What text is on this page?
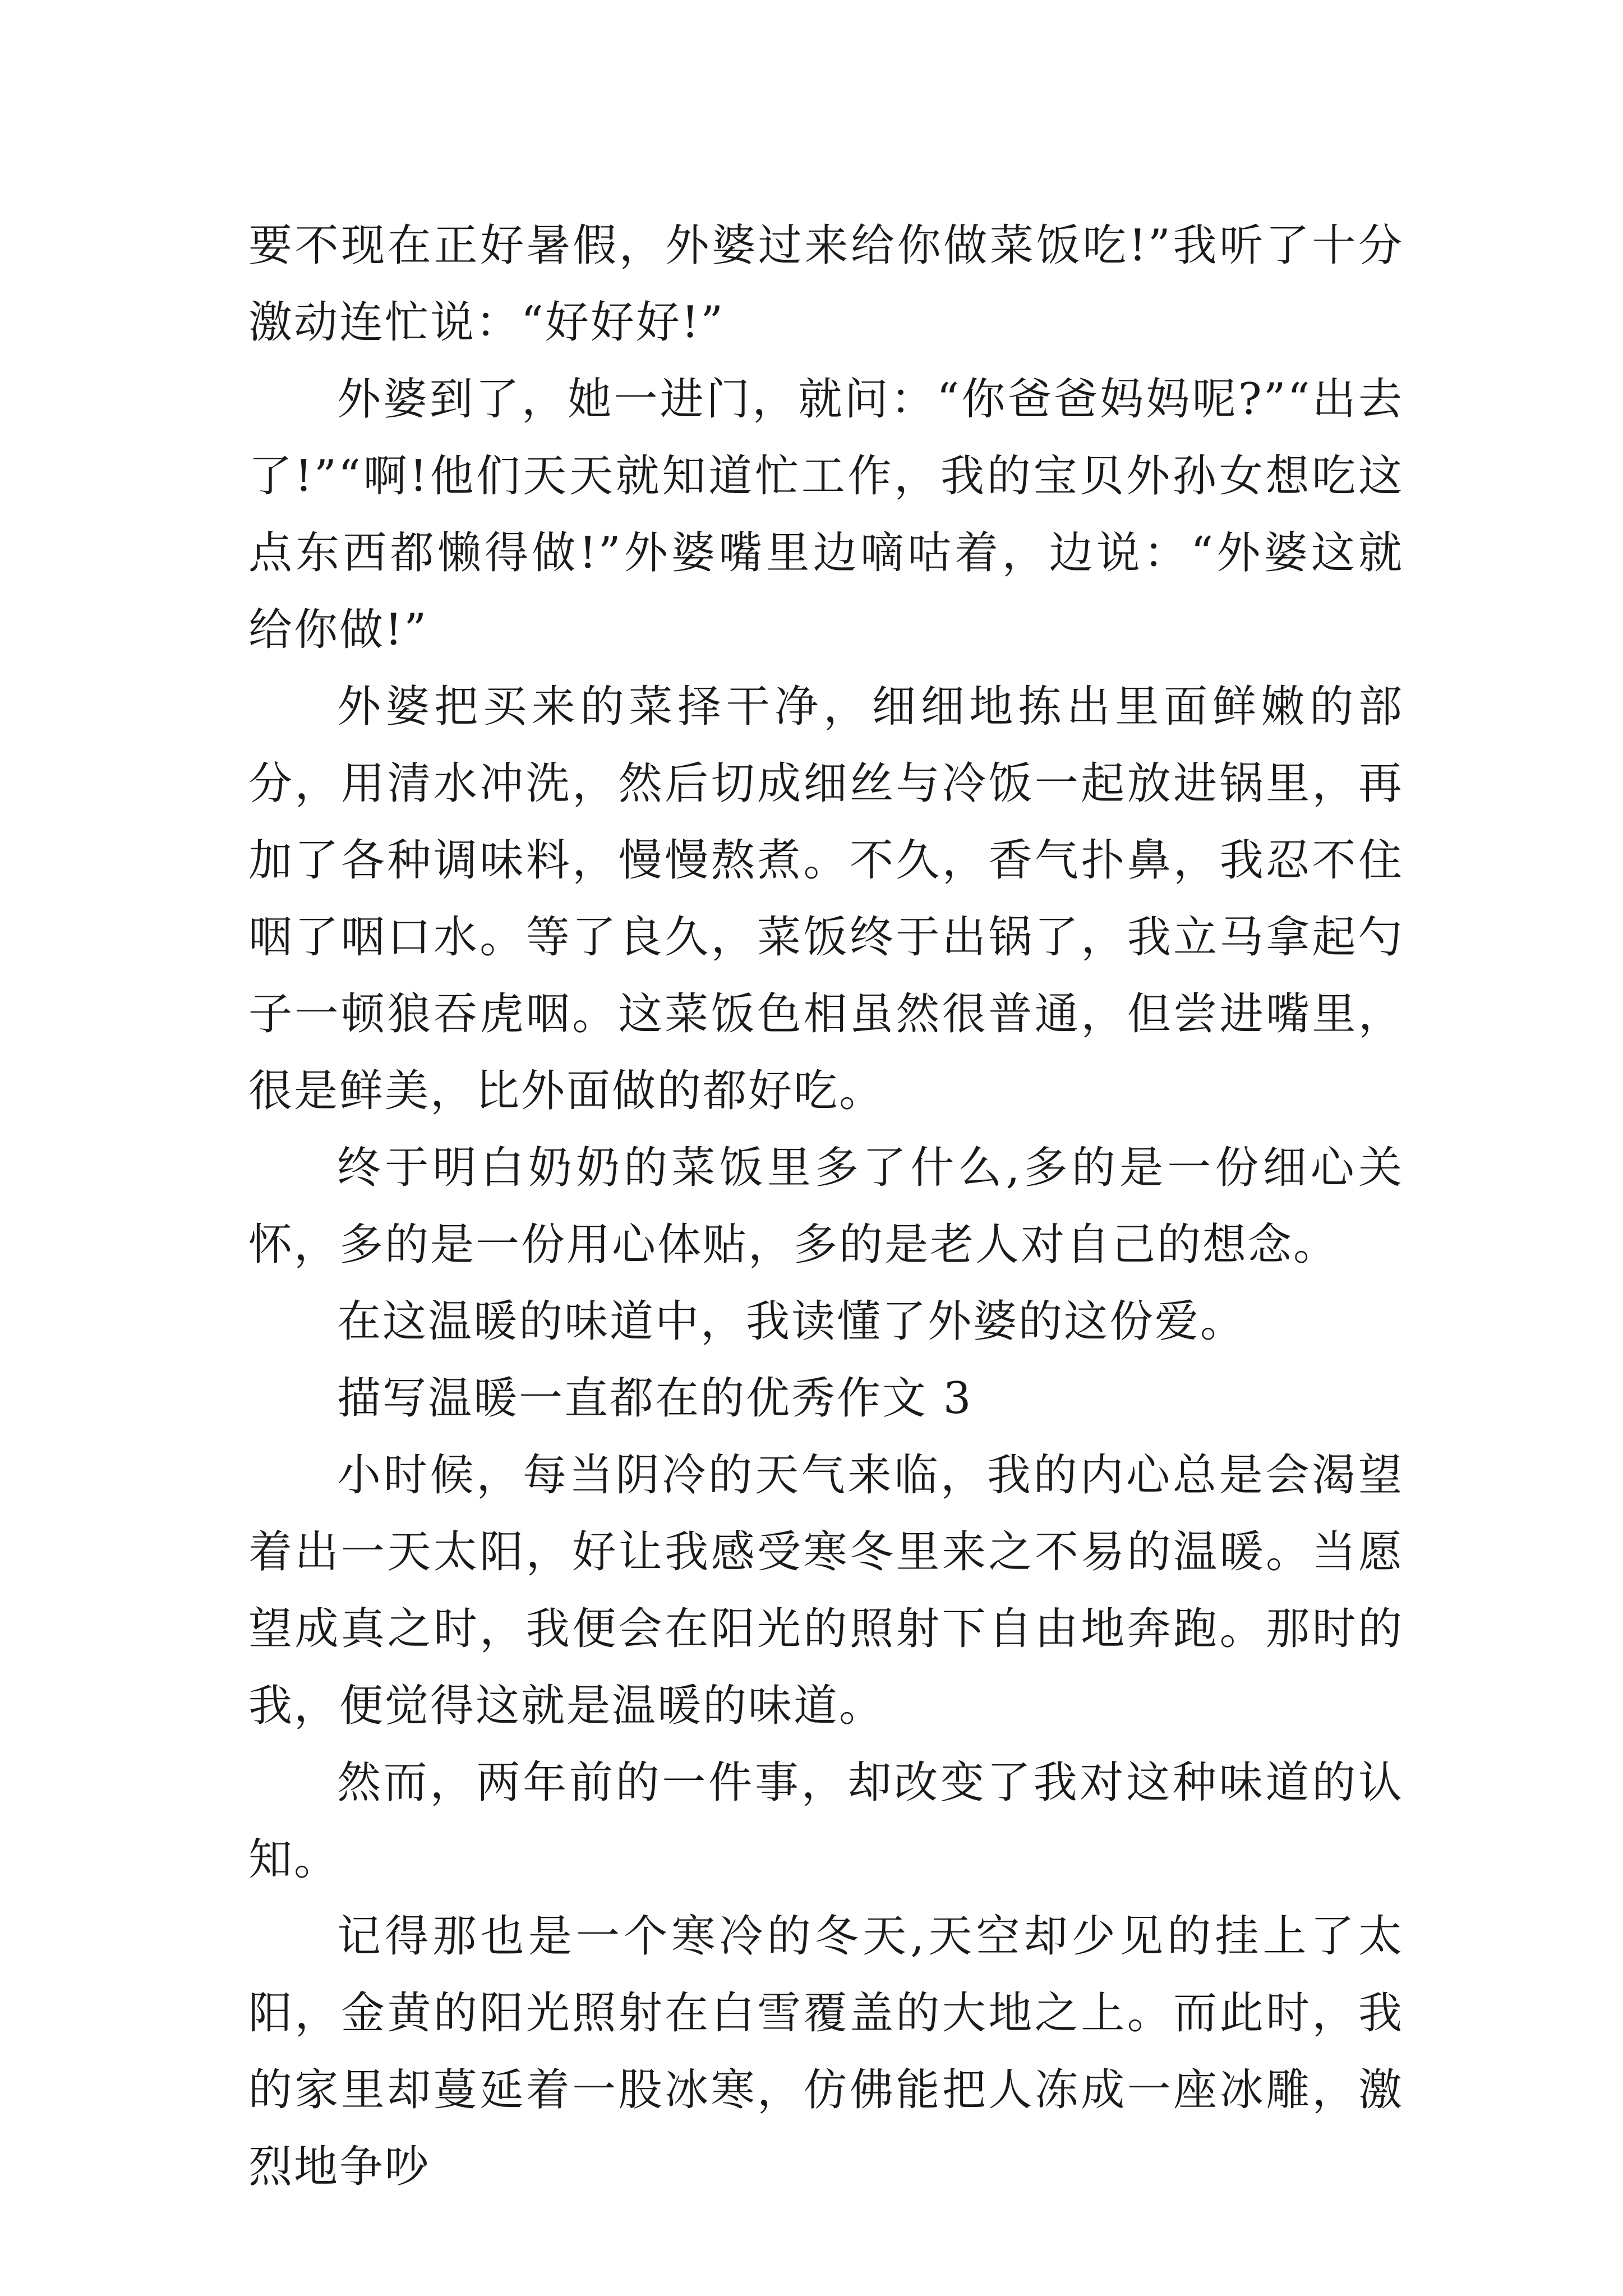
要不现在正好暑假，外婆过来给你做菜饭吃!”我听了十分激动连忙说：“好好好!”

外婆到了，她一进门，就问：“你爸爸妈妈呢?”“出去了!”“啊!他们天天就知道忙工作，我的宝贝外孙女想吃这点东西都懒得做!”外婆嘴里边嘀咕着，边说：“外婆这就给你做!”

外婆把买来的菜择干净，细细地拣出里面鲜嫩的部分，用清水冲洗，然后切成细丝与冷饭一起放进锅里，再加了各种调味料，慢慢熬煮。不久，香气扑鼻，我忍不住咽了咽口水。等了良久，菜饭终于出锅了，我立马拿起勺子一顿狼吞虎咽。这菜饭色相虽然很普通，但尝进嘴里，很是鲜美，比外面做的都好吃。

终于明白奶奶的菜饭里多了什么,多的是一份细心关怀，多的是一份用心体贴，多的是老人对自己的想念。

在这温暖的味道中，我读懂了外婆的这份爱。

描写温暖一直都在的优秀作文 3

小时候，每当阴冷的天气来临，我的内心总是会渴望着出一天太阳，好让我感受寒冬里来之不易的温暖。当愿望成真之时，我便会在阳光的照射下自由地奔跑。那时的我，便觉得这就是温暖的味道。

然而，两年前的一件事，却改变了我对这种味道的认知。

记得那也是一个寒冷的冬天,天空却少见的挂上了太阳，金黄的阳光照射在白雪覆盖的大地之上。而此时，我的家里却蔓延着一股冰寒，仿佛能把人冻成一座冰雕，激烈地争吵
